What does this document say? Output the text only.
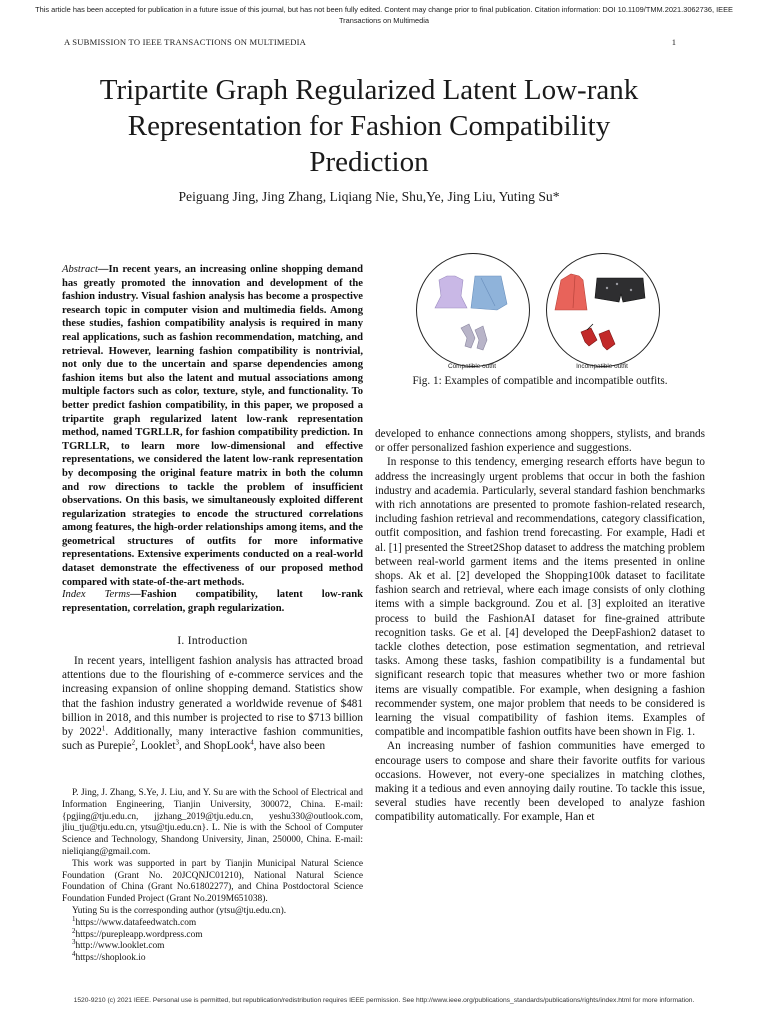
This article has been accepted for publication in a future issue of this journal, but has not been fully edited. Content may change prior to final publication. Citation information: DOI 10.1109/TMM.2021.3062736, IEEE
Transactions on Multimedia
A SUBMISSION TO IEEE TRANSACTIONS ON MULTIMEDIA	1
Tripartite Graph Regularized Latent Low-rank
Representation for Fashion Compatibility
Prediction
Peiguang Jing, Jing Zhang, Liqiang Nie, Shu,Ye, Jing Liu, Yuting Su*
Abstract—In recent years, an increasing online shopping demand has greatly promoted the innovation and development of the fashion industry. Visual fashion analysis has become a prospective research topic in computer vision and multimedia fields. Among these studies, fashion compatibility analysis is required in many real applications, such as fashion recommendation, matching, and retrieval. However, learning fashion compatibility is nontrivial, not only due to the uncertain and sparse dependencies among fashion items but also the latent and mutual associations among multiple factors such as color, texture, style, and functionality. To better predict fashion compatibility, in this paper, we proposed a tripartite graph regularized latent low-rank representation method, named TGRLLR, for fashion compatibility prediction. In TGRLLR, to learn more low-dimensional and effective representations, we considered the latent low-rank representation by decomposing the original feature matrix in both the column and row directions to tackle the problem of insufficient observations. On this basis, we simultaneously exploited different regularization strategies to encode the structured correlations among features, the high-order relationships among items, and the geometrical structures of outfits for more informative representations. Extensive experiments conducted on a real-world dataset demonstrate the effectiveness of our proposed method compared with state-of-the-art methods.
Index Terms—Fashion compatibility, latent low-rank representation, correlation, graph regularization.
I. Introduction

In recent years, intelligent fashion analysis has attracted broad attentions due to the flourishing of e-commerce services and the increasing expansion of online shopping demand. Statistics show that the fashion industry generated a worldwide revenue of $481 billion in 2018, and this number is projected to rise to $713 billion by 2022$^1$. Additionally, many interactive fashion communities, such as Purepie$^2$, Looklet$^3$, and ShopLook$^4$, have also been

P. Jing, J. Zhang, S.Ye, J. Liu, and Y. Su are with the School of Electrical and Information Engineering, Tianjin University, 300072, China. E-mail: {pgjing@tju.edu.cn, jjzhang_2019@tju.edu.cn, yeshu330@outlook.com, jliu_tju@tju.edu.cn, ytsu@tju.edu.cn}. L. Nie is with the School of Computer Science and Technology, Shandong University, Jinan, 250000, China. E-mail: nieliqiang@gmail.com.

This work was supported in part by Tianjin Municipal Natural Science Foundation (Grant No. 20JCQNJC01210), National Natural Science Foundation of China (Grant No.61802277), and China Postdoctoral Science Foundation Funded Project (Grant No.2019M651038).

Yuting Su is the corresponding author (ytsu@tju.edu.cn).

$^1$https://www.datafeedwatch.com

$^2$https://purepleapp.wordpress.com

$^3$http://www.looklet.com

$^4$https://shoplook.io

Compatible outfit	Incompatible outfit
Fig. 1: Examples of compatible and incompatible outfits.

developed to enhance connections among shoppers, stylists, and brands or offer personalized fashion experience and suggestions.

In response to this tendency, emerging research efforts have begun to address the increasingly urgent problems that occur in both the fashion industry and academia. Particularly, several standard fashion benchmarks with rich annotations are presented to promote fashion-related research, including fashion retrieval and recommendations, category classification, outfit composition, and fashion trend forecasting. For example, Hadi et al. [1] presented the Street2Shop dataset to address the matching problem between real-world garment items and the items presented in online shops. Ak et al. [2] developed the Shopping100k dataset to facilitate fashion search and retrieval, where each image consists of only clothing items with a simple background. Zou et al. [3] exploited an iterative process to build the FashionAI dataset for fine-grained attribute recognition tasks. Ge et al. [4] developed the DeepFashion2 dataset to tackle clothes detection, pose estimation segmentation, and retrieval tasks. Among these tasks, fashion compatibility is a fundamental but significant research topic that measures whether two or more fashion items are visually compatible. For example, when designing a fashion recommender system, one major problem that needs to be considered is learning the visual compatibility of fashion items. Examples of compatible and incompatible fashion outfits have been shown in Fig. 1.

An increasing number of fashion communities have emerged to encourage users to compose and share their favorite outfits for various occasions. However, not every-one specializes in matching clothes, making it a tedious and even annoying daily routine. To tackle this issue, several studies have recently been developed to analyze fashion compatibility automatically. For example, Han et

1520-9210 (c) 2021 IEEE. Personal use is permitted, but republication/redistribution requires IEEE permission. See http://www.ieee.org/publications_standards/publications/rights/index.html for more information.
